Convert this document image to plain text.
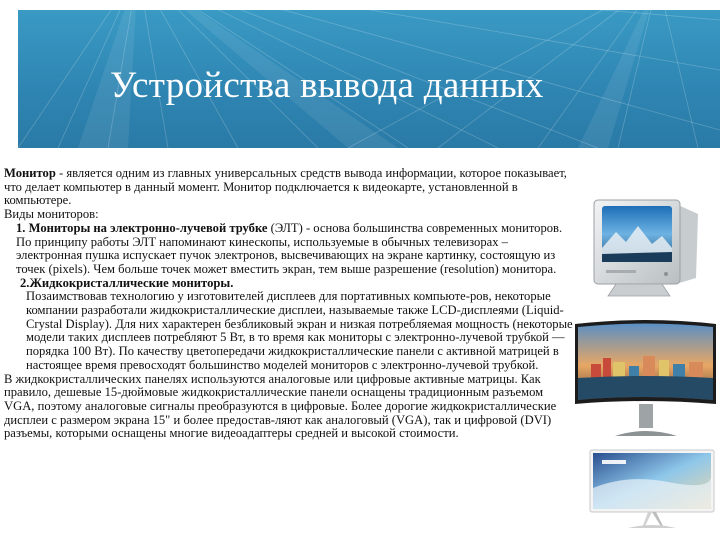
Устройства вывода данных

Монитор - является одним из главных универсальных средств вывода информации, которое показывает, что делает компьютер в данный момент. Монитор подключается к видеокарте, установленной в компьютере.

Виды мониторов:

1. Мониторы на электронно-лучевой трубке (ЭЛТ) - основа большинства современных мониторов. По принципу работы ЭЛТ напоминают кинескопы, используемые в обычных телевизорах – электронная пушка испускает пучок электронов, высвечивающих на экране картинку, состоящую из точек (pixels). Чем больше точек может вместить экран, тем выше разрешение (resolution) монитора.

2.Жидкокристаллические мониторы.

Позаимствовав технологию у изготовителей дисплеев для портативных компьюте-ров, некоторые компании разработали жидкокристаллические дисплеи, называемые также LCD-дисплеями (Liquid-Crystal Display). Для них характерен безбликовый экран и низкая потребляемая мощность (некоторые модели таких дисплеев потребляют 5 Вт, в то время как мониторы с электронно-лучевой трубкой — порядка 100 Вт). По качеству цветопередачи жидкокристаллические панели с активной матрицей в настоящее время превосходят большинство моделей мониторов с электронно-лучевой трубкой.

В жидкокристаллических панелях используются аналоговые или цифровые активные матрицы. Как правило, дешевые 15-дюймовые жидкокристаллические панели оснащены традиционным разъемом VGA, поэтому аналоговые сигналы преобразуются в цифровые. Более дорогие жидкокристаллические дисплеи с размером экрана 15" и более предостав-ляют как аналоговый (VGA), так и цифровой (DVI) разъемы, которыми оснащены многие видеоадаптеры средней и высокой стоимости.
